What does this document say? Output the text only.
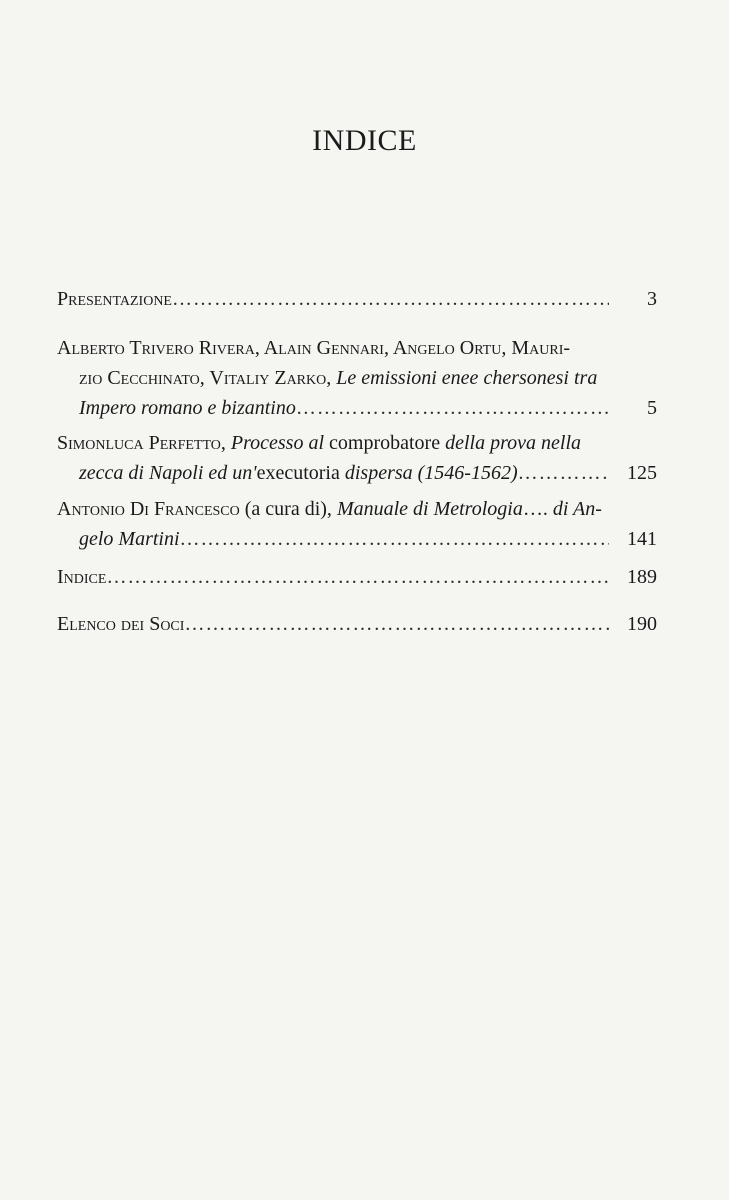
INDICE
Presentazione ………………………………………………………………………………………………………………………	3
Alberto Trivero Rivera, Alain Gennari, Angelo Ortu, Mauri-
zio Cecchinato, Vitaliy Zarko, Le emissioni enee chersonesi tra
Impero romano e bizantino ………………………………………………………………………………………………………………………	5
Simonluca Perfetto, Processo al comprobatore della prova nella
zecca di Napoli ed un'executoria dispersa (1546-1562) ………………………………………………………………………………………………………………………	125
Antonio Di Francesco (a cura di), Manuale di Metrologia…. di An-
gelo Martini ………………………………………………………………………………………………………………………	141
Indice ………………………………………………………………………………………………………………………	189
Elenco dei Soci ………………………………………………………………………………………………………………………	190
